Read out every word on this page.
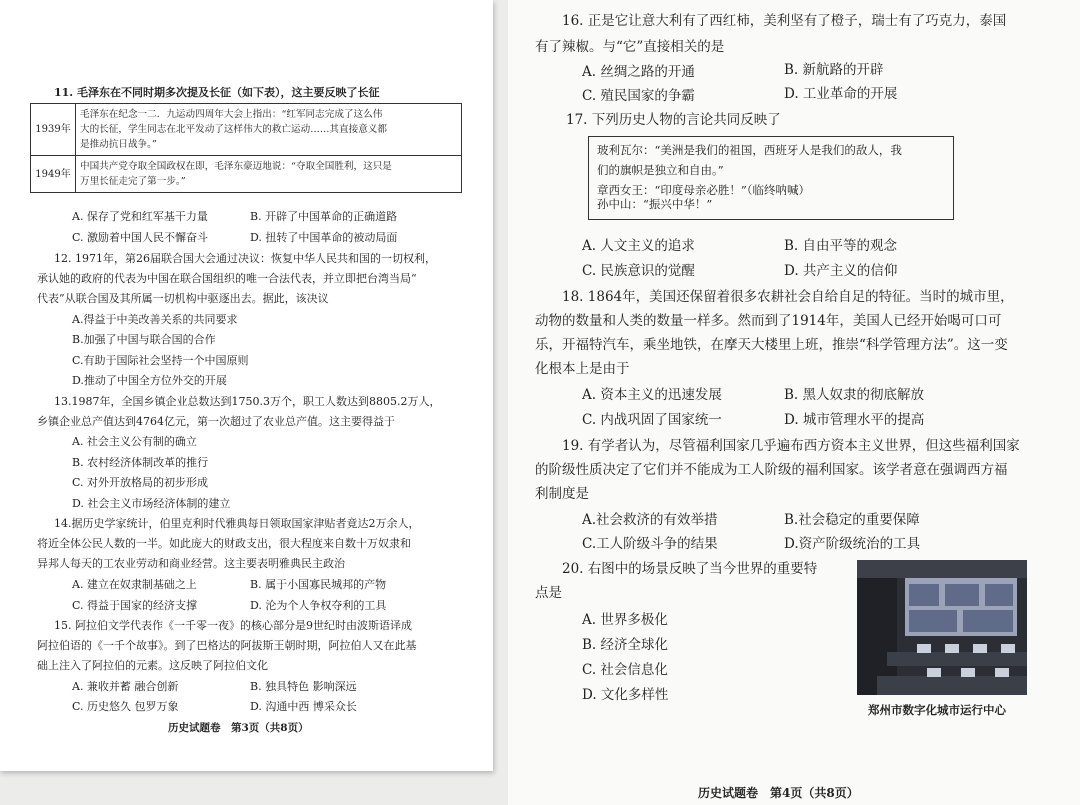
11. 毛泽东在不同时期多次提及长征（如下表），这主要反映了长征
1939年	毛泽东在纪念一二．九运动四周年大会上指出：“红军同志完成了这么伟
大的长征，学生同志在北平发动了这样伟大的救亡运动……其直接意义都
是推动抗日战争。”

1949年	中国共产党夺取全国政权在即，毛泽东豪迈地说：“夺取全国胜利，这只是
万里长征走完了第一步。”
A. 保存了党和红军基干力量	B. 开辟了中国革命的正确道路
C. 激励着中国人民不懈奋斗	D. 扭转了中国革命的被动局面
12. 1971年，第26届联合国大会通过决议：恢复中华人民共和国的一切权利，
承认她的政府的代表为中国在联合国组织的唯一合法代表，并立即把台湾当局“
代表”从联合国及其所属一切机构中驱逐出去。据此，该决议
A.得益于中美改善关系的共同要求
B.加强了中国与联合国的合作
C.有助于国际社会坚持一个中国原则
D.推动了中国全方位外交的开展
13.1987年，全国乡镇企业总数达到1750.3万个，职工人数达到8805.2万人，
乡镇企业总产值达到4764亿元，第一次超过了农业总产值。这主要得益于
A. 社会主义公有制的确立
B. 农村经济体制改革的推行
C. 对外开放格局的初步形成
D. 社会主义市场经济体制的建立
14.据历史学家统计，伯里克利时代雅典每日领取国家津贴者竟达2万余人，
将近全体公民人数的一半。如此庞大的财政支出，很大程度来自数十万奴隶和
异邦人每天的工农业劳动和商业经营。这主要表明雅典民主政治
A. 建立在奴隶制基础之上	B. 属于小国寡民城邦的产物
C. 得益于国家的经济支撑	D. 沦为个人争权夺利的工具
15. 阿拉伯文学代表作《一千零一夜》的核心部分是9世纪时由波斯语译成
阿拉伯语的《一千个故事》。到了巴格达的阿拔斯王朝时期，阿拉伯人又在此基
础上注入了阿拉伯的元素。这反映了阿拉伯文化
A. 兼收并蓄 融合创新	B. 独具特色 影响深远
C. 历史悠久 包罗万象	D. 沟通中西 博采众长
历史试题卷　第3页（共8页）
16. 正是它让意大利有了西红柿，美利坚有了橙子，瑞士有了巧克力，泰国
有了辣椒。与“它”直接相关的是
A. 丝绸之路的开通	B. 新航路的开辟
C. 殖民国家的争霸	D. 工业革命的开展
17. 下列历史人物的言论共同反映了
玻利瓦尔：“美洲是我们的祖国，西班牙人是我们的敌人，我
们的旗帜是独立和自由。”
章西女王：“印度母亲必胜！”（临终呐喊）
孙中山：“振兴中华！”
A. 人文主义的追求	B. 自由平等的观念
C. 民族意识的觉醒	D. 共产主义的信仰
18. 1864年，美国还保留着很多农耕社会自给自足的特征。当时的城市里，
动物的数量和人类的数量一样多。然而到了1914年，美国人已经开始喝可口可
乐，开福特汽车，乘坐地铁，在摩天大楼里上班，推崇“科学管理方法”。这一变
化根本上是由于
A. 资本主义的迅速发展	B. 黑人奴隶的彻底解放
C. 内战巩固了国家统一	D. 城市管理水平的提高
19. 有学者认为，尽管福利国家几乎遍布西方资本主义世界，但这些福利国家
的阶级性质决定了它们并不能成为工人阶级的福利国家。该学者意在强调西方福
利制度是
A.社会救济的有效举措	B.社会稳定的重要保障
C.工人阶级斗争的结果	D.资产阶级统治的工具
20. 右图中的场景反映了当今世界的重要特
点是
A. 世界多极化
B. 经济全球化
C. 社会信息化
D. 文化多样性
郑州市数字化城市运行中心
历史试题卷　第4页（共8页）
